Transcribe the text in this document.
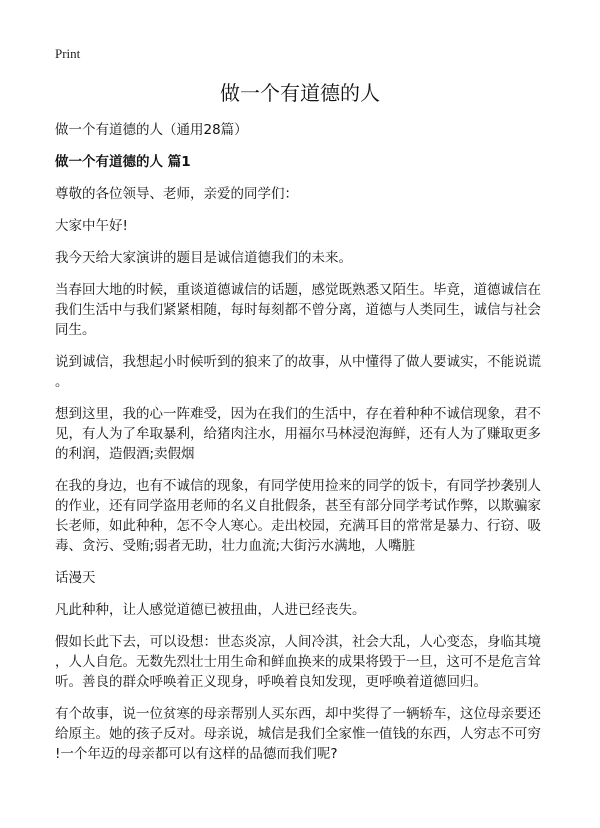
Print
做一个有道德的人

做一个有道德的人（通用28篇）

做一个有道德的人 篇1

尊敬的各位领导、老师，亲爱的同学们：

大家中午好!

我今天给大家演讲的题目是诚信道德我们的未来。

当春回大地的时候，重谈道德诚信的话题，感觉既熟悉又陌生。毕竟，道德诚信在
我们生活中与我们紧紧相随，每时每刻都不曾分离，道德与人类同生，诚信与社会
同生。

说到诚信，我想起小时候听到的狼来了的故事，从中懂得了做人要诚实，不能说谎
。

想到这里，我的心一阵难受，因为在我们的生活中，存在着种种不诚信现象，君不
见，有人为了牟取暴利，给猪肉注水，用福尔马林浸泡海鲜，还有人为了赚取更多
的利润，造假酒;卖假烟

在我的身边，也有不诚信的现象，有同学使用捡来的同学的饭卡，有同学抄袭别人
的作业，还有同学盗用老师的名义自批假条，甚至有部分同学考试作弊，以欺骗家
长老师，如此种种，怎不令人寒心。走出校园，充满耳目的常常是暴力、行窃、吸
毒、贪污、受贿;弱者无助，壮力血流;大街污水满地，人嘴脏

话漫天

凡此种种，让人感觉道德已被扭曲，人进已经丧失。

假如长此下去，可以设想：世态炎凉，人间冷淇，社会大乱，人心变态，身临其境
，人人自危。无数先烈壮士用生命和鲜血换来的成果将毁于一旦，这可不是危言耸
听。善良的群众呼唤着正义现身，呼唤着良知发现，更呼唤着道德回归。

有个故事，说一位贫寒的母亲帮别人买东西，却中奖得了一辆轿车，这位母亲要还
给原主。她的孩子反对。母亲说，城信是我们全家惟一值钱的东西，人穷志不可穷
!一个年迈的母亲都可以有这样的品德而我们呢?
